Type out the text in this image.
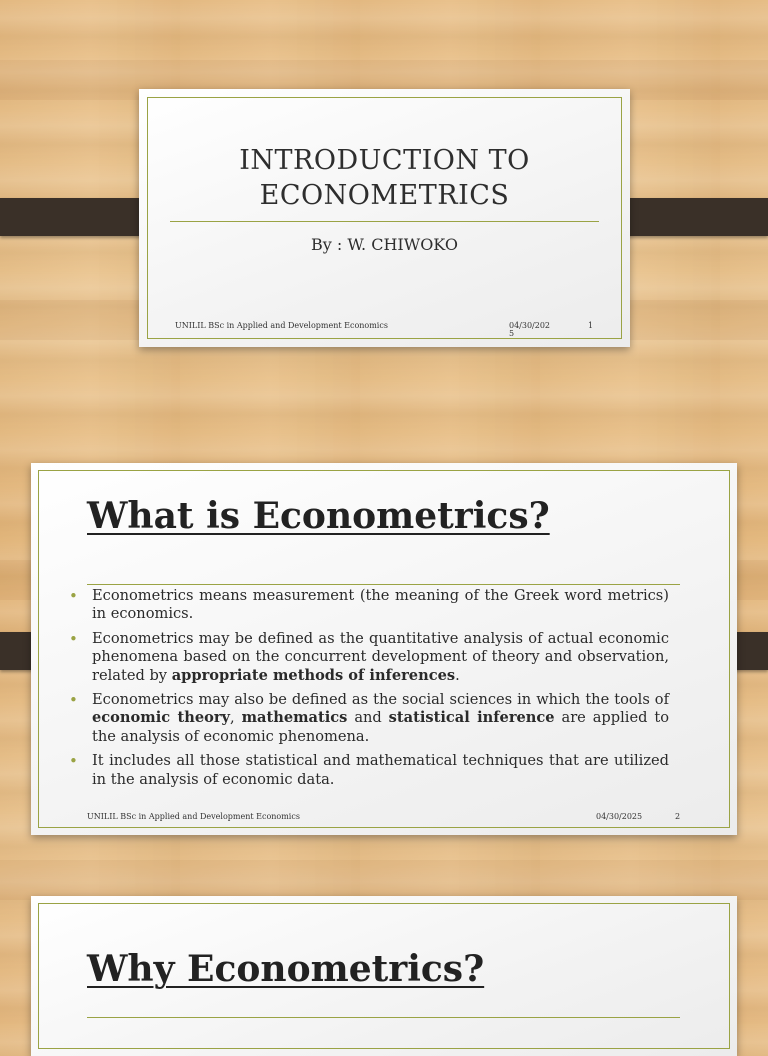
INTRODUCTION TO
ECONOMETRICS
By : W. CHIWOKO
UNILIL BSc in Applied and Development Economics	04/30/202
5
1
What is Econometrics?
• Econometrics means measurement (the meaning of the Greek word metrics) in economics.
• Econometrics may be defined as the quantitative analysis of actual economic phenomena based on the concurrent development of theory and observation, related by appropriate methods of inferences.
• Econometrics may also be defined as the social sciences in which the tools of economic theory, mathematics and statistical inference are applied to the analysis of economic phenomena.
• It includes all those statistical and mathematical techniques that are utilized in the analysis of economic data.
UNILIL BSc in Applied and Development Economics	04/30/2025	2
Why Econometrics?
